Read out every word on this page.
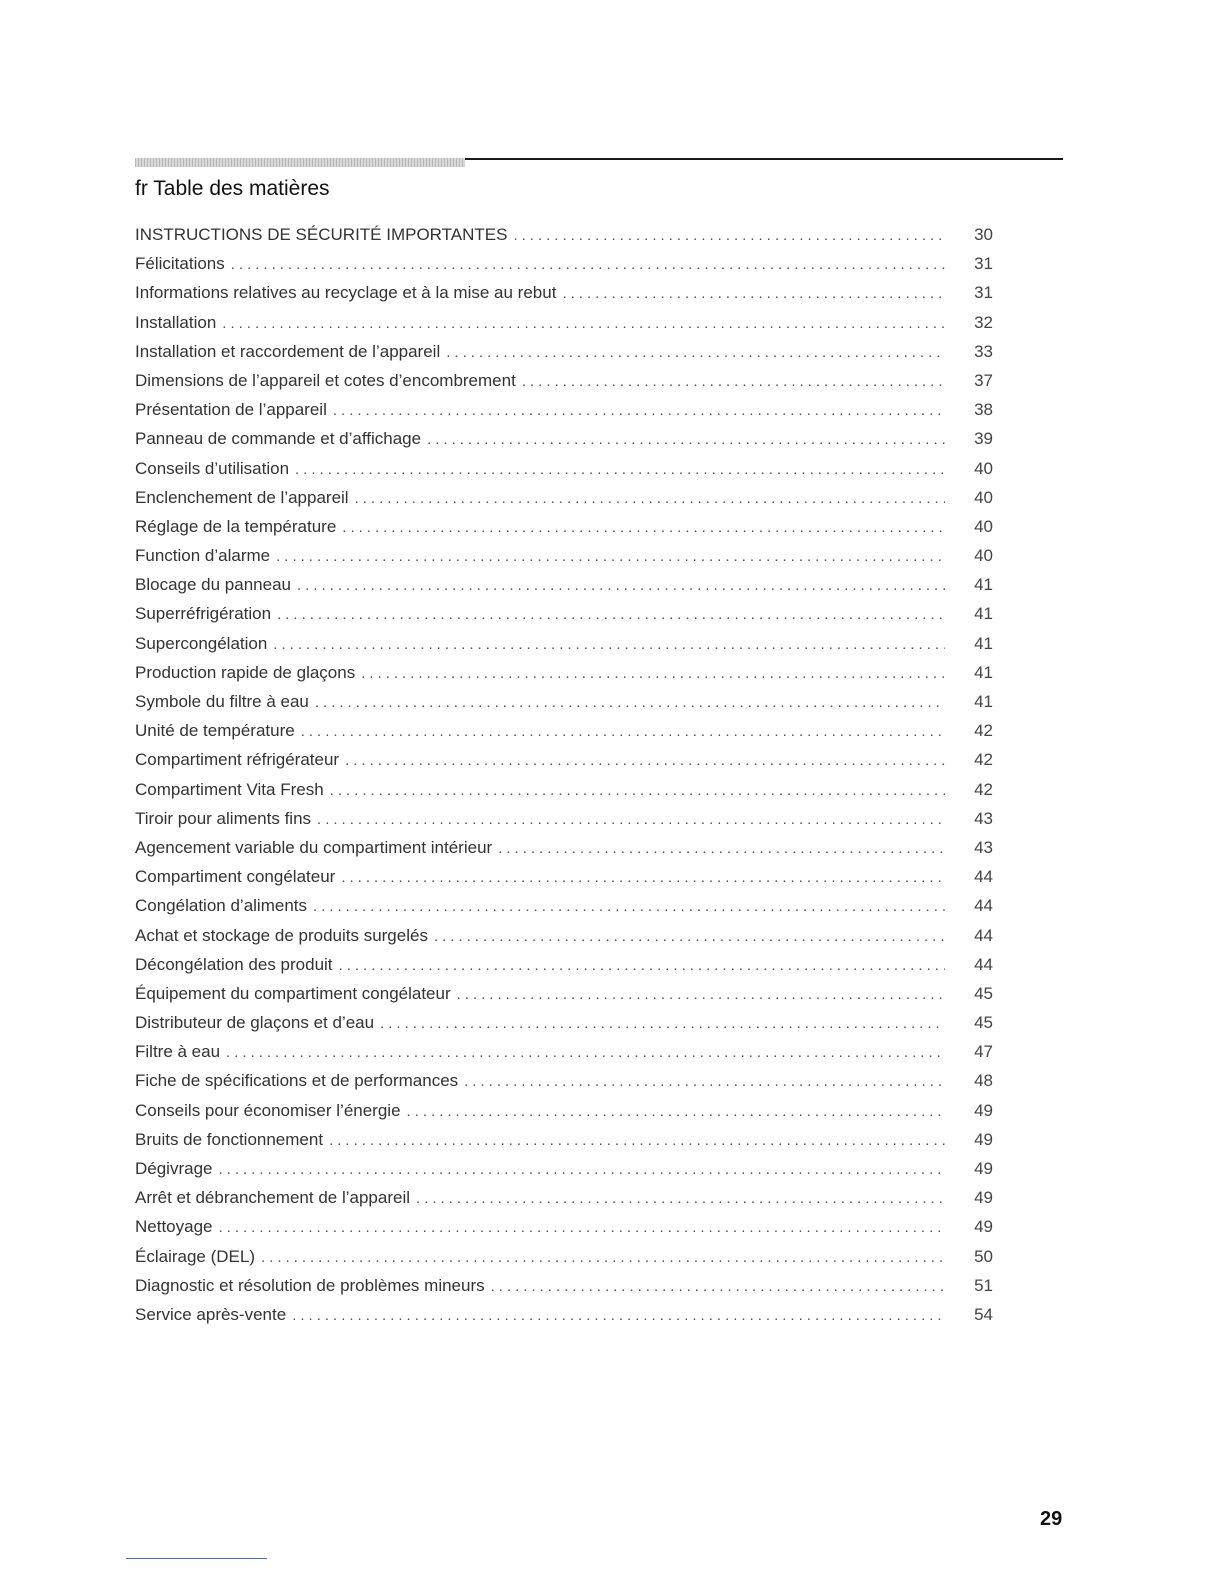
fr Table des matières
INSTRUCTIONS DE SÉCURITÉ IMPORTANTES .....	30
Félicitations .....	31
Informations relatives au recyclage et à la mise au rebut .....	31
Installation .....	32
Installation et raccordement de l’appareil .....	33
Dimensions de l’appareil et cotes d’encombrement .....	37
Présentation de l’appareil .....	38
Panneau de commande et d’affichage .....	39
Conseils d’utilisation .....	40
Enclenchement de l’appareil .....	40
Réglage de la température .....	40
Function d’alarme .....	40
Blocage du panneau .....	41
Superréfrigération .....	41
Supercongélation .....	41
Production rapide de glaçons .....	41
Symbole du filtre à eau .....	41
Unité de température .....	42
Compartiment réfrigérateur .....	42
Compartiment Vita Fresh .....	42
Tiroir pour aliments fins .....	43
Agencement variable du compartiment intérieur .....	43
Compartiment congélateur .....	44
Congélation d’aliments .....	44
Achat et stockage de produits surgelés .....	44
Décongélation des produit .....	44
Équipement du compartiment congélateur .....	45
Distributeur de glaçons et d’eau .....	45
Filtre à eau .....	47
Fiche de spécifications et de performances .....	48
Conseils pour économiser l’énergie .....	49
Bruits de fonctionnement .....	49
Dégivrage .....	49
Arrêt et débranchement de l’appareil .....	49
Nettoyage .....	49
Éclairage (DEL) .....	50
Diagnostic et résolution de problèmes mineurs .....	51
Service après-vente .....	54
29
